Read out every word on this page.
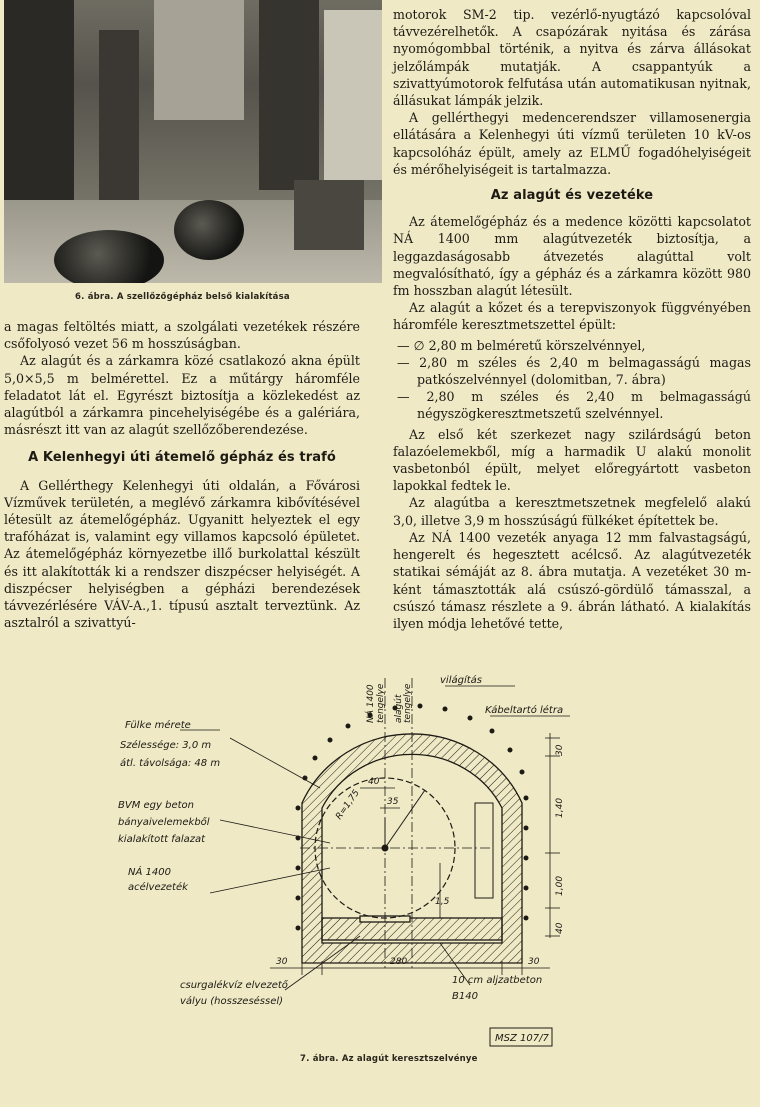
6. ábra. A szellőzőgépház belső kialakítása

a magas feltöltés miatt, a szolgálati vezetékek részére csőfolyosó vezet 56 m hosszúságban.

Az alagút és a zárkamra közé csatlakozó akna épült 5,0×5,5 m belmérettel. Ez a műtárgy háromféle feladatot lát el. Egyrészt biztosítja a közlekedést az alagútból a zárkamra pincehelyiségébe és a galériára, másrészt itt van az alagút szellőzőberendezése.

A Kelenhegyi úti átemelő gépház és trafó

A Gellérthegy Kelenhegyi úti oldalán, a Fővárosi Vízművek területén, a meglévő zárkamra kibővítésével létesült az átemelőgépház. Ugyanitt helyeztek el egy trafóházat is, valamint egy villamos kapcsoló épületet. Az átemelőgépház környezetbe illő burkolattal készült és itt alakították ki a rendszer diszpécser helyiségét. A diszpécser helyiségben a gépházi berendezések távvezérlésére VÁV-A.,1. típusú asztalt terveztünk. Az asztalról a szivattyú-

motorok SM-2 tip. vezérlő-nyugtázó kapcsolóval távvezérelhetők. A csapózárak nyitása és zárása nyomógombbal történik, a nyitva és zárva állásokat jelzőlámpák mutatják. A csappantyúk a szivattyúmotorok felfutása után automatikusan nyitnak, állásukat lámpák jelzik.

A gellérthegyi medencerendszer villamosenergia ellátására a Kelenhegyi úti vízmű területen 10 kV-os kapcsolóház épült, amely az ELMŰ fogadóhelyiségeit és mérőhelyiségeit is tartalmazza.

Az alagút és vezetéke

Az átemelőgépház és a medence közötti kapcsolatot NÁ 1400 mm alagútvezeték biztosítja, a leggazdaságosabb átvezetés alagúttal volt megvalósítható, így a gépház és a zárkamra között 980 fm hosszban alagút létesült.

Az alagút a kőzet és a terepviszonyok függvényében háromféle keresztmetszettel épült:

— ∅ 2,80 m belméretű körszelvénnyel,
— 2,80 m széles és 2,40 m belmagasságú magas patkószelvénnyel (dolomitban, 7. ábra)
— 2,80 m széles és 2,40 m belmagasságú négyszögkeresztmetszetű szelvénnyel.

Az első két szerkezet nagy szilárdságú beton falazóelemekből, míg a harmadik U alakú monolit vasbetonból épült, melyet előregyártott vasbeton lapokkal fedtek le.

Az alagútba a keresztmetszetnek megfelelő alakú 3,0, illetve 3,9 m hosszúságú fülkéket építettek be.

Az NÁ 1400 vezeték anyaga 12 mm falvastagságú, hengerelt és hegesztett acélcső. Az alagútvezeték statikai sémáját az 8. ábra mutatja. A vezetéket 30 m-ként támasztották alá csúszó-gördülő támasszal, a csúszó támasz részlete a 9. ábrán látható. A kialakítás ilyen módja lehetővé tette,

NÁ 1400 tengelye alagút tengelye
világítás
Kábeltartó létra
Fülke mérete
Szélessége: 3,0 m
átl. távolsága: 48 m
BVM egy beton
bányaivelemekből
kialakított falazat
NÁ 1400
acélvezeték
csurgalékvíz elvezető
vályu (hosszeséssel)
10 cm aljzatbeton
B140
40
35
R=1,75
1,5
30
1,40
1,00
40
30	280	30
MSZ 107/7
7. ábra. Az alagút keresztszelvénye
